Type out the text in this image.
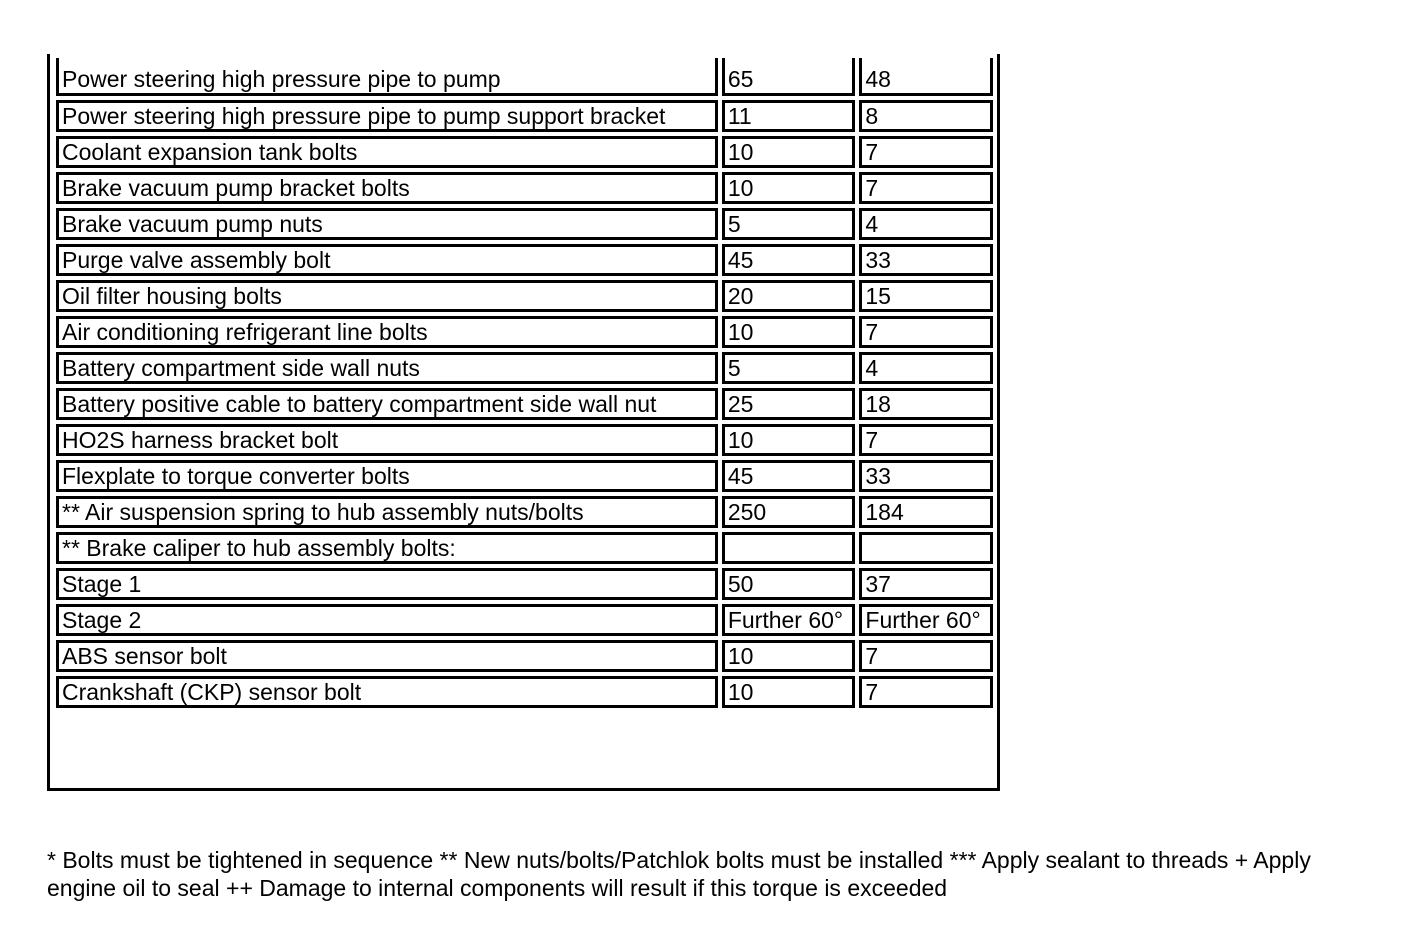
Power steering high pressure pipe to pump	65	48
Power steering high pressure pipe to pump support bracket	11	8
Coolant expansion tank bolts	10	7
Brake vacuum pump bracket bolts	10	7
Brake vacuum pump nuts	5	4
Purge valve assembly bolt	45	33
Oil filter housing bolts	20	15
Air conditioning refrigerant line bolts	10	7
Battery compartment side wall nuts	5	4
Battery positive cable to battery compartment side wall nut	25	18
HO2S harness bracket bolt	10	7
Flexplate to torque converter bolts	45	33
** Air suspension spring to hub assembly nuts/bolts	250	184
** Brake caliper to hub assembly bolts:		
Stage 1	50	37
Stage 2	Further 60°	Further 60°
ABS sensor bolt	10	7
Crankshaft (CKP) sensor bolt	10	7
* Bolts must be tightened in sequence ** New nuts/bolts/Patchlok bolts must be installed *** Apply sealant to threads + Apply engine oil to seal ++ Damage to internal components will result if this torque is exceeded
